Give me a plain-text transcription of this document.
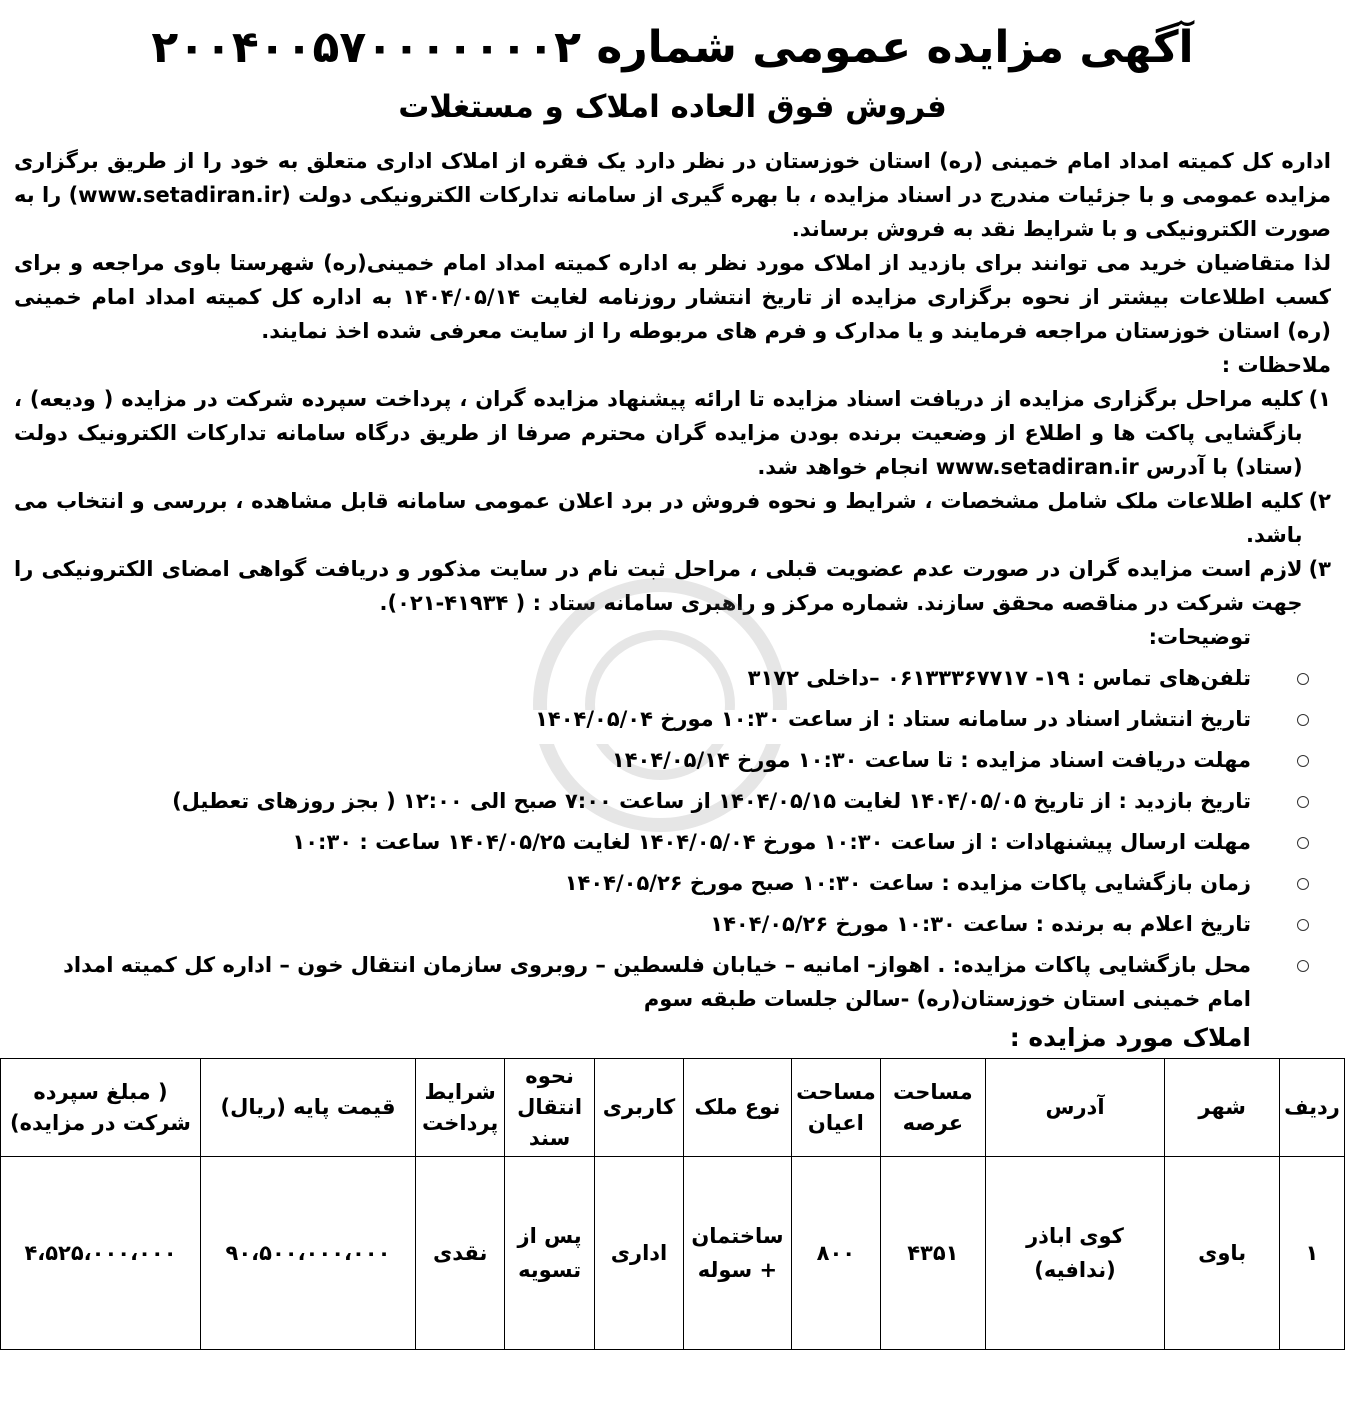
آگهی مزایده عمومی شماره ۲۰۰۴۰۰۵۷۰۰۰۰۰۰۰۲
فروش فوق العاده املاک و مستغلات

اداره کل کمیته امداد امام خمینی (ره) استان خوزستان در نظر دارد یک فقره از املاک اداری متعلق به خود را از طریق برگزاری مزایده عمومی و با جزئیات مندرج در اسناد مزایده ، با بهره گیری از سامانه تدارکات الکترونیکی دولت (www.setadiran.ir) را به صورت الکترونیکی و با شرایط نقد به فروش برساند.

لذا متقاضیان خرید می توانند برای بازدید از املاک مورد نظر به اداره کمیته امداد امام خمینی(ره) شهرستا باوی مراجعه و برای کسب اطلاعات بیشتر از نحوه برگزاری مزایده از تاریخ انتشار روزنامه لغایت ۱۴۰۴/۰۵/۱۴ به اداره کل کمیته امداد امام خمینی (ره) استان خوزستان مراجعه فرمایند و یا مدارک و فرم های مربوطه را از سایت معرفی شده اخذ نمایند.

ملاحظات :
۱)
کلیه مراحل برگزاری مزایده از دریافت اسناد مزایده تا ارائه پیشنهاد مزایده گران ، پرداخت سپرده شرکت در مزایده ( ودیعه) ، بازگشایی پاکت ها و اطلاع از وضعیت برنده بودن مزایده گران محترم صرفا از طریق درگاه سامانه تدارکات الکترونیک دولت (ستاد) با آدرس www.setadiran.ir انجام خواهد شد.
۲)
کلیه اطلاعات ملک شامل مشخصات ، شرایط و نحوه فروش در برد اعلان عمومی سامانه قابل مشاهده ، بررسی و انتخاب می باشد.
۳)
لازم است مزایده گران در صورت عدم عضویت قبلی ، مراحل ثبت نام در سایت مذکور و دریافت گواهی امضای الکترونیکی را جهت شرکت در مناقصه محقق سازند. شماره مرکز و راهبری سامانه ستاد : ( ۴۱۹۳۴-۰۲۱).
توضیحات:
تلفن‌های تماس : ۱۹- ۰۶۱۳۳۳۶۷۷۱۷ –داخلی ۳۱۷۲
تاریخ انتشار اسناد در سامانه ستاد : از ساعت ۱۰:۳۰ مورخ ۱۴۰۴/۰۵/۰۴
مهلت دریافت اسناد مزایده : تا ساعت ۱۰:۳۰ مورخ ۱۴۰۴/۰۵/۱۴
تاریخ بازدید : از تاریخ ۱۴۰۴/۰۵/۰۵ لغایت ۱۴۰۴/۰۵/۱۵ از ساعت ۷:۰۰ صبح الی ۱۲:۰۰ ( بجز روزهای تعطیل)
مهلت ارسال پیشنهادات : از ساعت ۱۰:۳۰ مورخ ۱۴۰۴/۰۵/۰۴ لغایت ۱۴۰۴/۰۵/۲۵ ساعت : ۱۰:۳۰
زمان بازگشایی پاکات مزایده : ساعت ۱۰:۳۰ صبح مورخ ۱۴۰۴/۰۵/۲۶
تاریخ اعلام به برنده : ساعت ۱۰:۳۰ مورخ ۱۴۰۴/۰۵/۲۶
محل بازگشایی پاکات مزایده: . اهواز- امانیه – خیابان فلسطین – روبروی سازمان انتقال خون – اداره کل کمیته امداد امام خمینی استان خوزستان(ره) -سالن جلسات طبقه سوم
املاک مورد مزایده :
ردیف	شهر	آدرس	مساحت عرصه	مساحت اعیان	نوع ملک	کاربری	نحوه انتقال سند	شرایط پرداخت	قیمت پایه (ریال)	( مبلغ سپرده شرکت در مزایده)
۱	باوی	کوی اباذر (ندافیه)	۴۳۵۱	۸۰۰	ساختمان + سوله	اداری	پس از تسویه	نقدی	۹۰،۵۰۰،۰۰۰،۰۰۰	۴،۵۲۵،۰۰۰،۰۰۰
